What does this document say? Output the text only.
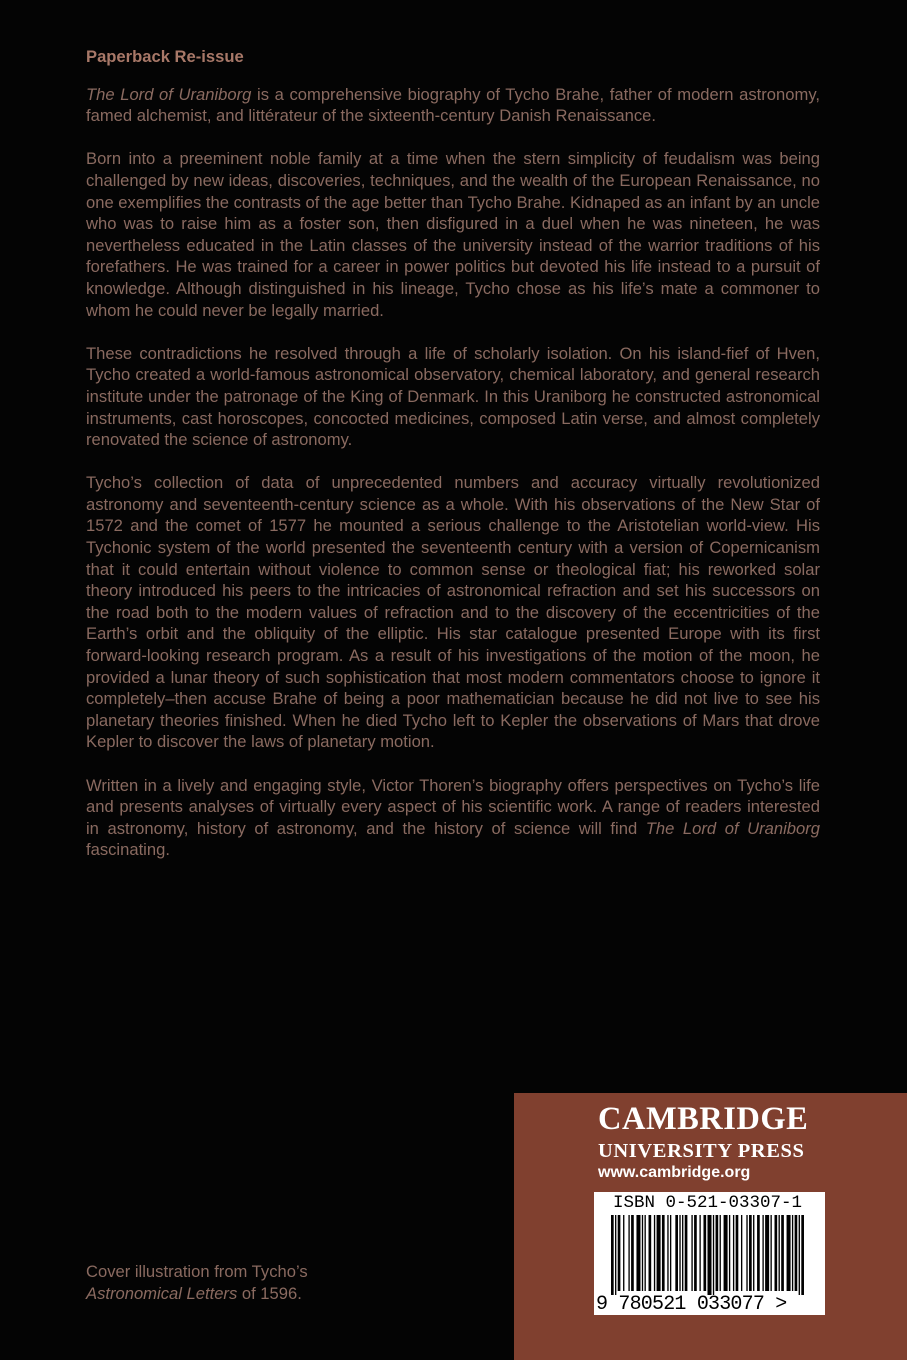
Paperback Re-issue

The Lord of Uraniborg is a comprehensive biography of Tycho Brahe, father of modern astronomy, famed alchemist, and littérateur of the sixteenth-century Danish Renaissance.

Born into a preeminent noble family at a time when the stern simplicity of feudalism was being challenged by new ideas, discoveries, techniques, and the wealth of the European Renaissance, no one exemplifies the contrasts of the age better than Tycho Brahe. Kidnaped as an infant by an uncle who was to raise him as a foster son, then disfigured in a duel when he was nineteen, he was nevertheless educated in the Latin classes of the university instead of the warrior traditions of his forefathers. He was trained for a career in power politics but devoted his life instead to a pursuit of knowledge. Although distinguished in his lineage, Tycho chose as his life’s mate a commoner to whom he could never be legally married.

These contradictions he resolved through a life of scholarly isolation. On his island-fief of Hven, Tycho created a world-famous astronomical observatory, chemical laboratory, and general research institute under the patronage of the King of Denmark. In this Uraniborg he constructed astronomical instruments, cast horoscopes, concocted medicines, composed Latin verse, and almost completely renovated the science of astronomy.

Tycho’s collection of data of unprecedented numbers and accuracy virtually revolutionized astronomy and seventeenth-century science as a whole. With his observations of the New Star of 1572 and the comet of 1577 he mounted a serious challenge to the Aristotelian world-view. His Tychonic system of the world presented the seventeenth century with a version of Copernicanism that it could entertain without violence to common sense or theological fiat; his reworked solar theory introduced his peers to the intricacies of astronomical refraction and set his successors on the road both to the modern values of refraction and to the discovery of the eccentricities of the Earth’s orbit and the obliquity of the elliptic. His star catalogue presented Europe with its first forward-looking research program. As a result of his investigations of the motion of the moon, he provided a lunar theory of such sophistication that most modern commentators choose to ignore it completely–then accuse Brahe of being a poor mathematician because he did not live to see his planetary theories finished. When he died Tycho left to Kepler the observations of Mars that drove Kepler to discover the laws of planetary motion.

Written in a lively and engaging style, Victor Thoren’s biography offers perspectives on Tycho’s life and presents analyses of virtually every aspect of his scientific work. A range of readers interested in astronomy, history of astronomy, and the history of science will find The Lord of Uraniborg fascinating.

Cover illustration from Tycho’s
Astronomical Letters of 1596.
CAMBRIDGE
UNIVERSITY PRESS
www.cambridge.org
ISBN 0-521-03307-1
9 780521 033077 >
